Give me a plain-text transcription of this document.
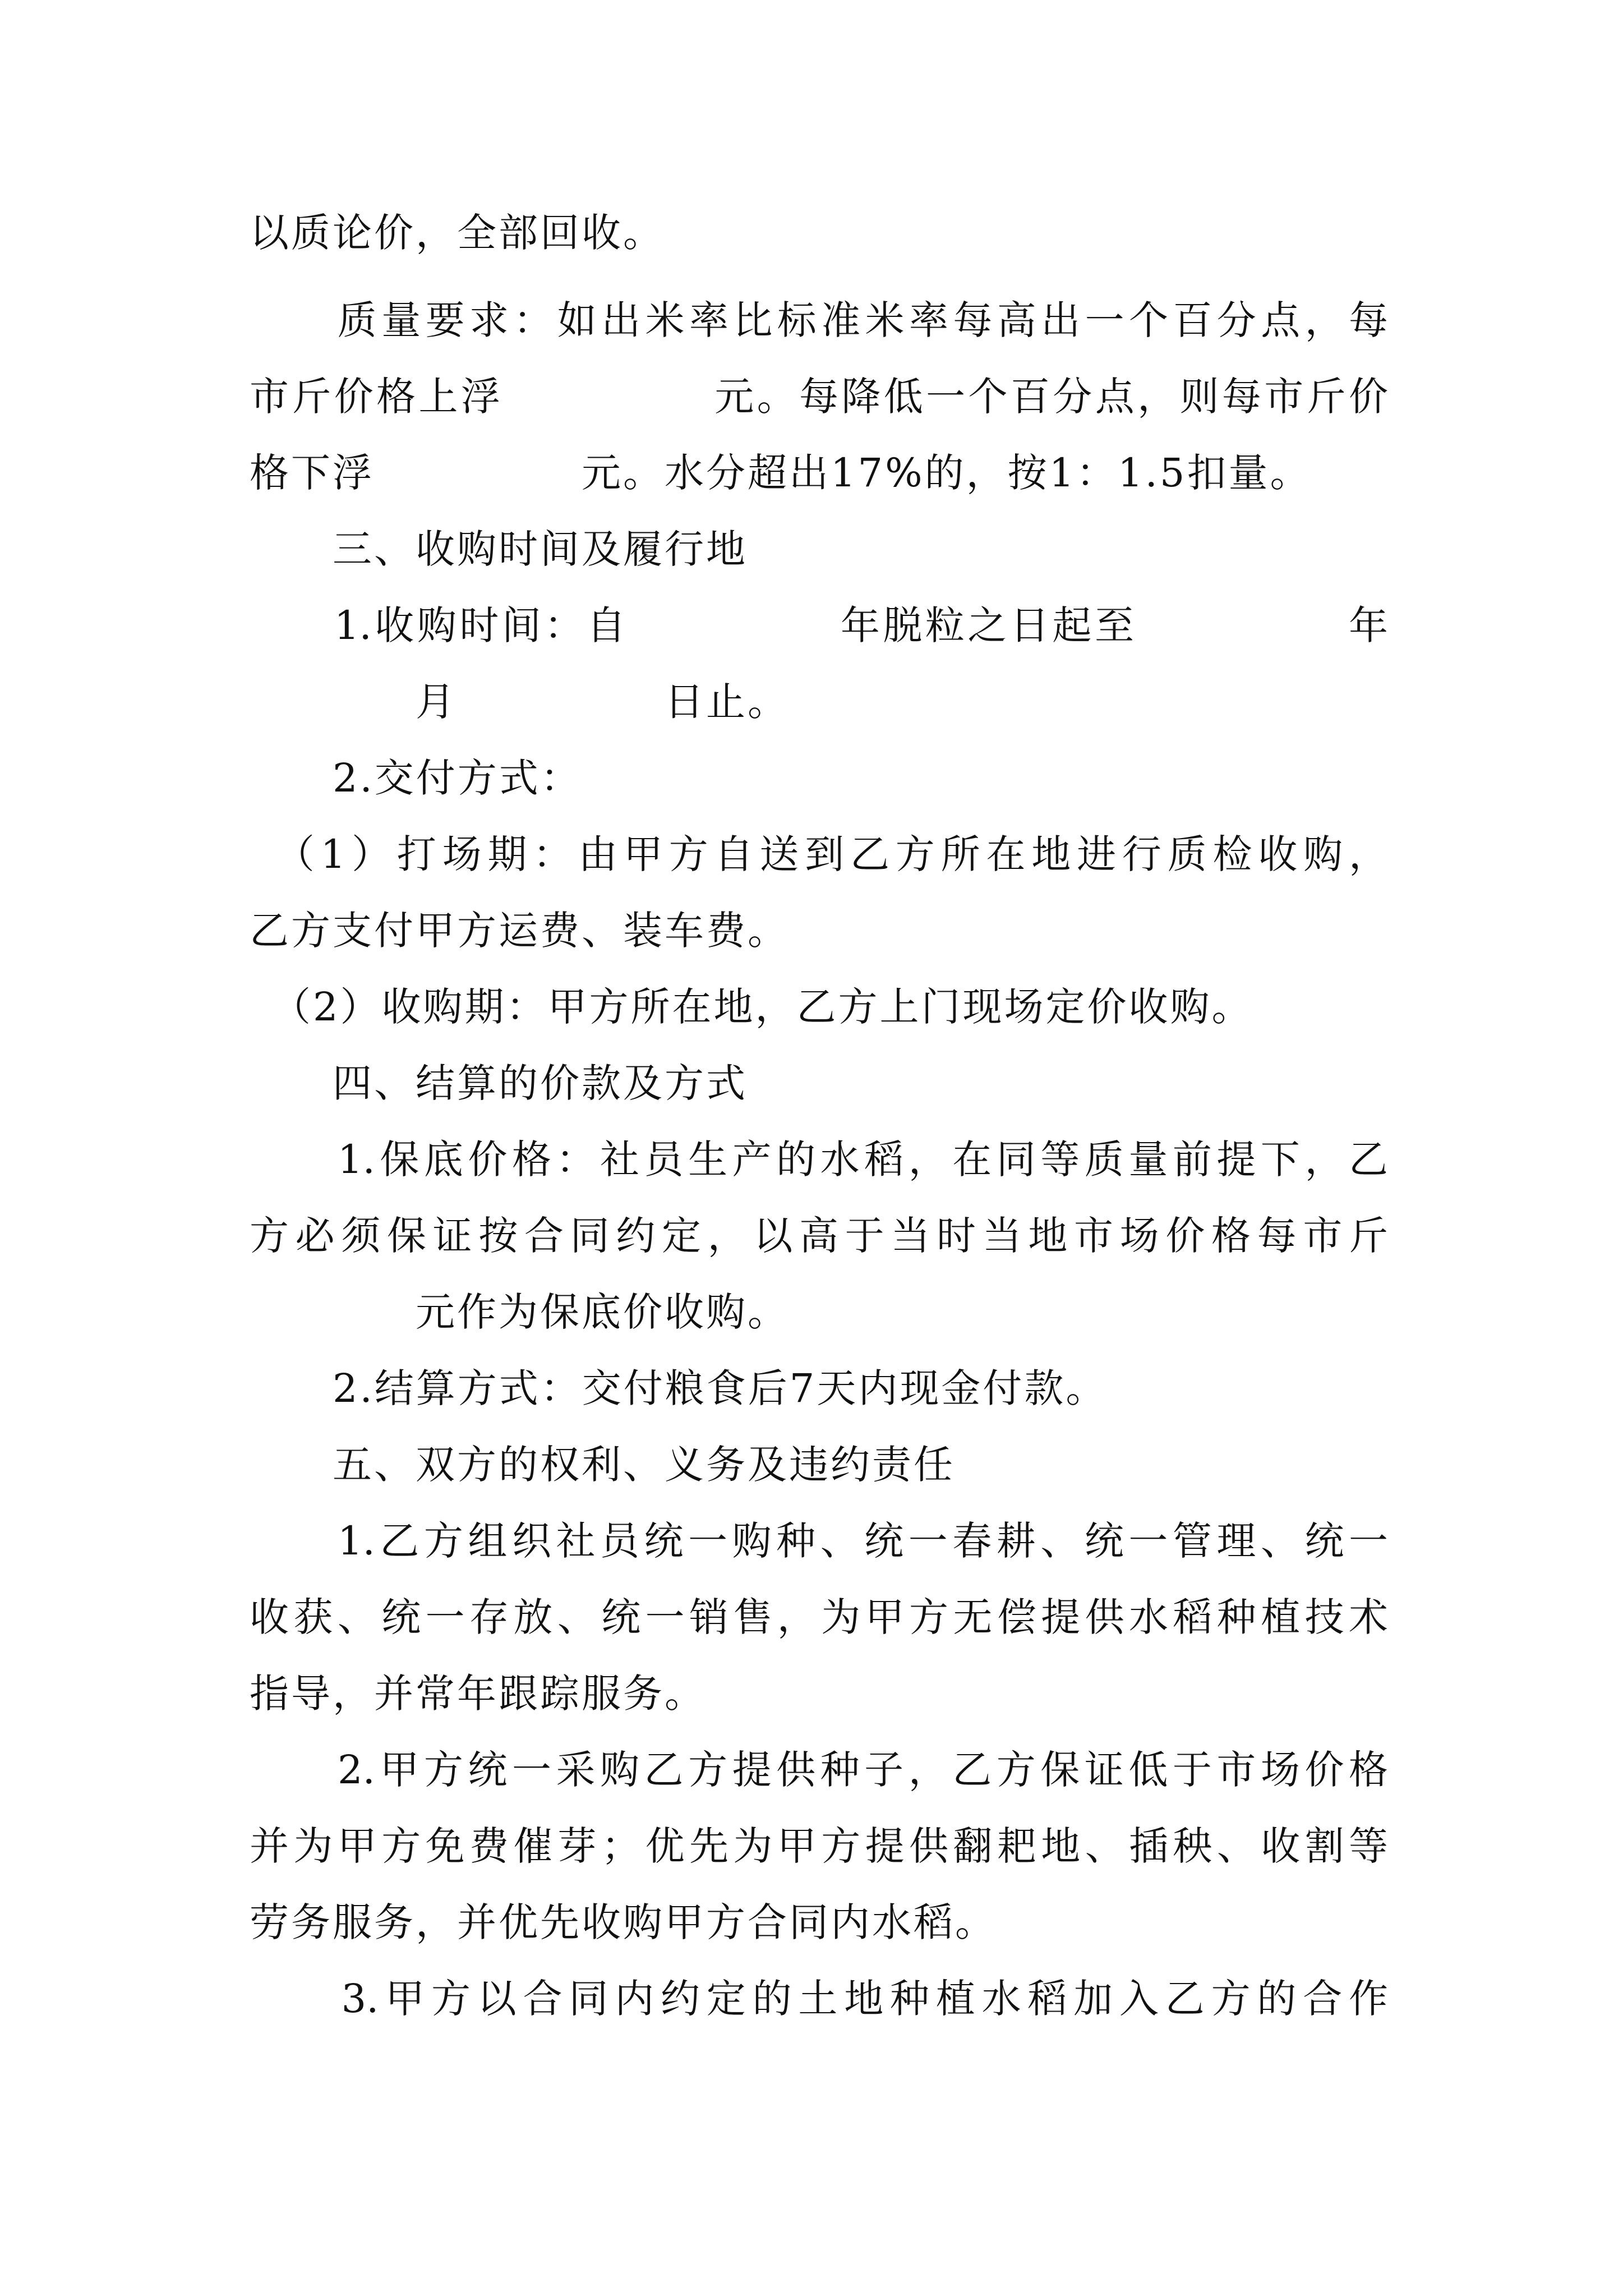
以质论价，全部回收。
　　质量要求：如出米率比标准米率每高出一个百分点，每
市斤价格上浮　　　　　元。每降低一个百分点，则每市斤价
格下浮　　　　　元。水分超出17%的，按1：1.5扣量。
　　三、收购时间及履行地
　　1.收购时间：自　　　　　年脱粒之日起至　　　　　年
　　　　月　　　　　日止。
　　2.交付方式：
　（1）打场期：由甲方自送到乙方所在地进行质检收购，
乙方支付甲方运费、装车费。
　（2）收购期：甲方所在地，乙方上门现场定价收购。
　　四、结算的价款及方式
　　1.保底价格：社员生产的水稻，在同等质量前提下，乙
方必须保证按合同约定，以高于当时当地市场价格每市斤
　　　　元作为保底价收购。
　　2.结算方式：交付粮食后7天内现金付款。
　　五、双方的权利、义务及违约责任
　　1.乙方组织社员统一购种、统一春耕、统一管理、统一
收获、统一存放、统一销售，为甲方无偿提供水稻种植技术
指导，并常年跟踪服务。
　　2.甲方统一采购乙方提供种子，乙方保证低于市场价格
并为甲方免费催芽；优先为甲方提供翻耙地、插秧、收割等
劳务服务，并优先收购甲方合同内水稻。
　　3.甲方以合同内约定的土地种植水稻加入乙方的合作
